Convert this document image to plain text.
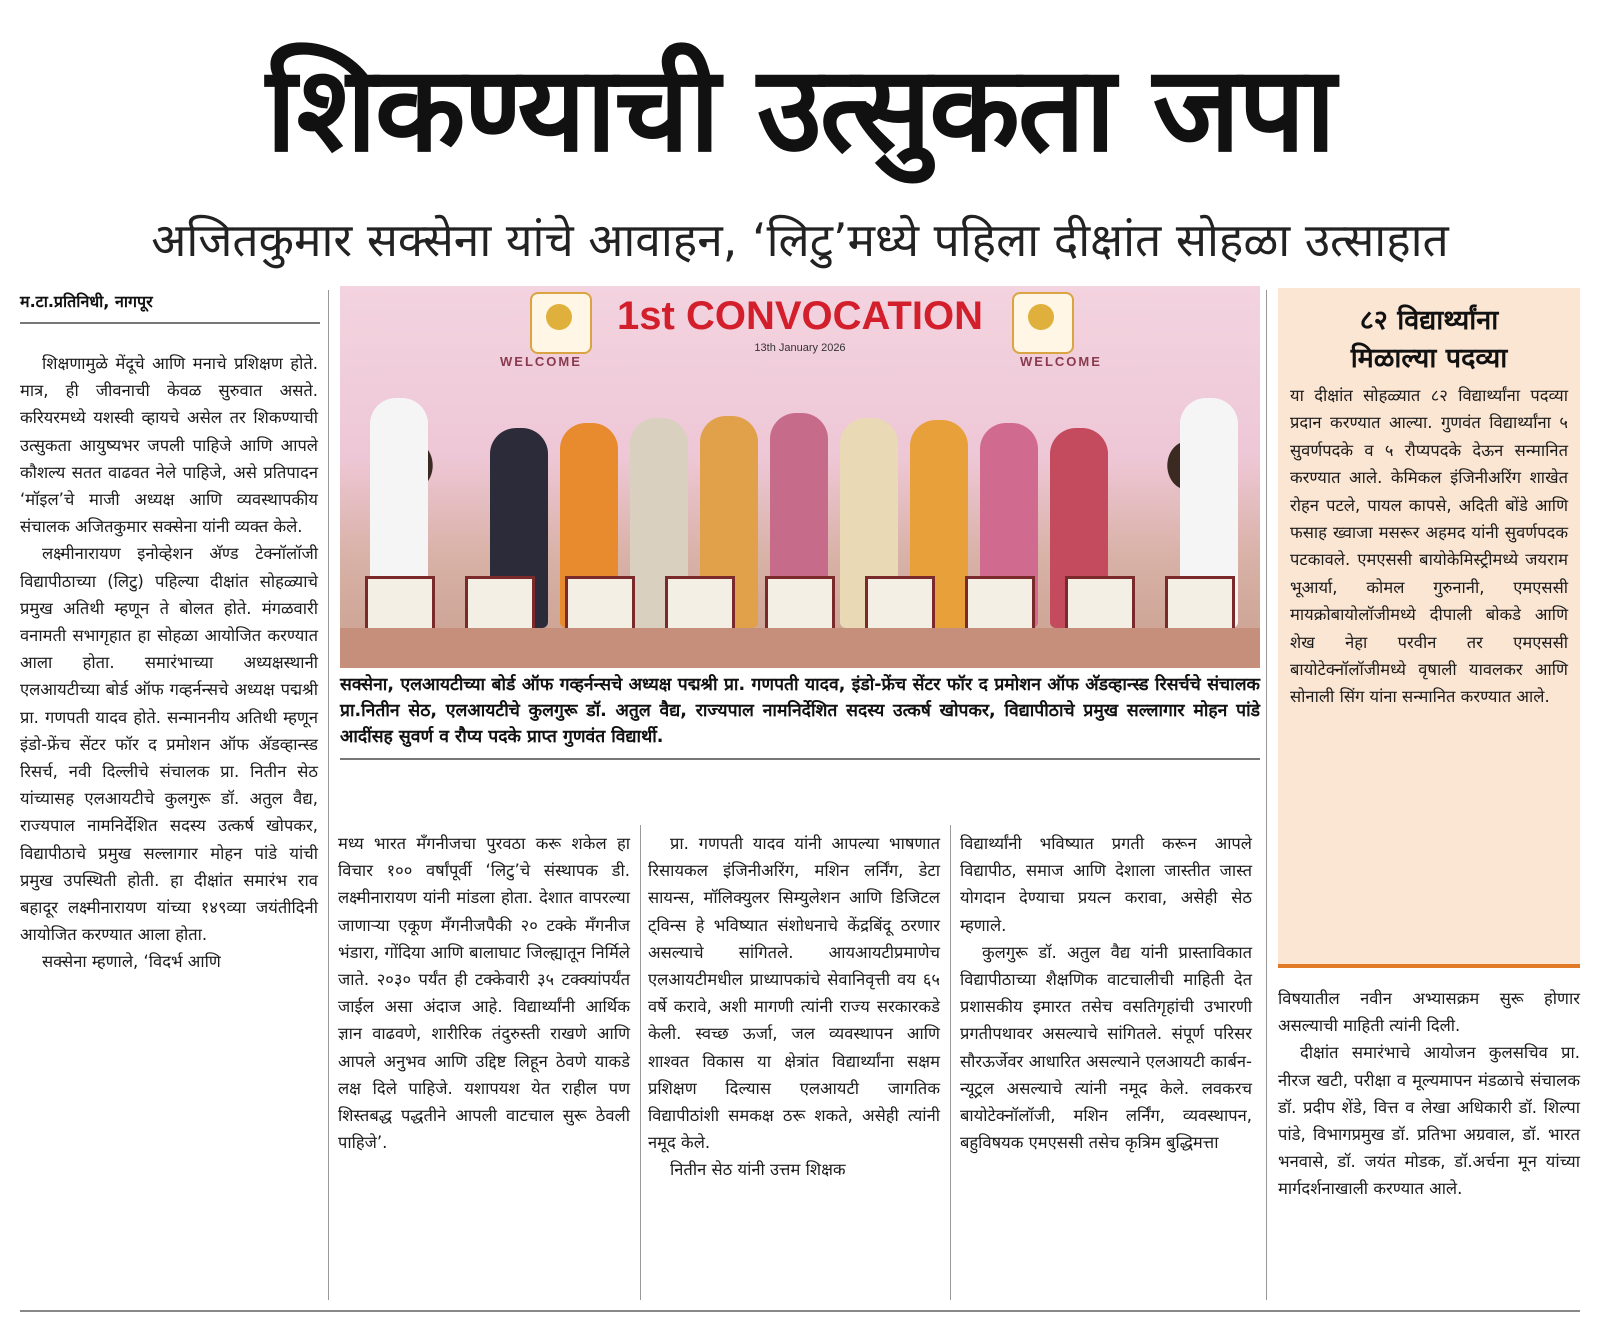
शिकण्याची उत्सुकता जपा
अजितकुमार सक्सेना यांचे आवाहन, ‘लिटु’मध्ये पहिला दीक्षांत सोहळा उत्साहात
म.टा.प्रतिनिधी, नागपूर

शिक्षणामुळे मेंदूचे आणि मनाचे प्रशिक्षण होते. मात्र, ही जीवनाची केवळ सुरुवात असते. करियरमध्ये यशस्वी व्हायचे असेल तर शिकण्याची उत्सुकता आयुष्यभर जपली पाहिजे आणि आपले कौशल्य सतत वाढवत नेले पाहिजे, असे प्रतिपादन ‘मॉइल’चे माजी अध्यक्ष आणि व्यवस्थापकीय संचालक अजितकुमार सक्सेना यांनी व्यक्त केले.

लक्ष्मीनारायण इनोव्हेशन अ‍ॅण्ड टेक्नॉलॉजी विद्यापीठाच्या (लिटु) पहिल्या दीक्षांत सोहळ्याचे प्रमुख अतिथी म्हणून ते बोलत होते. मंगळवारी वनामती सभागृहात हा सोहळा आयोजित करण्यात आला होता. समारंभाच्या अध्यक्षस्थानी एलआयटीच्या बोर्ड ऑफ गव्हर्नन्सचे अध्यक्ष पद्मश्री प्रा. गणपती यादव होते. सन्माननीय अतिथी म्हणून इंडो-फ्रेंच सेंटर फॉर द प्रमोशन ऑफ अ‍ॅडव्हान्स्ड रिसर्च, नवी दिल्लीचे संचालक प्रा. नितीन सेठ यांच्यासह एलआयटीचे कुलगुरू डॉ. अतुल वैद्य, राज्यपाल नामनिर्देशित सदस्य उत्कर्ष खोपकर, विद्यापीठाचे प्रमुख सल्लागार मोहन पांडे यांची प्रमुख उपस्थिती होती. हा दीक्षांत समारंभ राव बहादूर लक्ष्मीनारायण यांच्या १४९व्या जयंतीदिनी आयोजित करण्यात आला होता.

सक्सेना म्हणाले, ‘विदर्भ आणि

1st CONVOCATION
13th January 2026
WELCOME	WELCOME
सक्सेना, एलआयटीच्या बोर्ड ऑफ गव्हर्नन्सचे अध्यक्ष पद्मश्री प्रा. गणपती यादव, इंडो-फ्रेंच सेंटर फॉर द प्रमोशन ऑफ अ‍ॅडव्हान्स्ड रिसर्चचे संचालक प्रा.नितीन सेठ, एलआयटीचे कुलगुरू डॉ. अतुल वैद्य, राज्यपाल नामनिर्देशित सदस्य उत्कर्ष खोपकर, विद्यापीठाचे प्रमुख सल्लागार मोहन पांडे आदींसह सुवर्ण व रौप्य पदके प्राप्त गुणवंत विद्यार्थी.

मध्य भारत मँगनीजचा पुरवठा करू शकेल हा विचार १०० वर्षांपूर्वी ‘लिटु’चे संस्थापक डी. लक्ष्मीनारायण यांनी मांडला होता. देशात वापरल्या जाणाऱ्या एकूण मँगनीजपैकी २० टक्के मँगनीज भंडारा, गोंदिया आणि बालाघाट जिल्ह्यातून निर्मिले जाते. २०३० पर्यंत ही टक्केवारी ३५ टक्क्यांपर्यंत जाईल असा अंदाज आहे. विद्यार्थ्यांनी आर्थिक ज्ञान वाढवणे, शारीरिक तंदुरुस्ती राखणे आणि आपले अनुभव आणि उद्दिष्ट लिहून ठेवणे याकडे लक्ष दिले पाहिजे. यशापयश येत राहील पण शिस्तबद्ध पद्धतीने आपली वाटचाल सुरू ठेवली पाहिजे’.

प्रा. गणपती यादव यांनी आपल्या भाषणात रिसायकल इंजिनीअरिंग, मशिन लर्निंग, डेटा सायन्स, मॉलिक्युलर सिम्युलेशन आणि डिजिटल ट्विन्स हे भविष्यात संशोधनाचे केंद्रबिंदू ठरणार असल्याचे सांगितले. आयआयटीप्रमाणेच एलआयटीमधील प्राध्यापकांचे सेवानिवृत्ती वय ६५ वर्षे करावे, अशी मागणी त्यांनी राज्य सरकारकडे केली. स्वच्छ ऊर्जा, जल व्यवस्थापन आणि शाश्वत विकास या क्षेत्रांत विद्यार्थ्यांना सक्षम प्रशिक्षण दिल्यास एलआयटी जागतिक विद्यापीठांशी समकक्ष ठरू शकते, असेही त्यांनी नमूद केले.

नितीन सेठ यांनी उत्तम शिक्षक

विद्यार्थ्यांनी भविष्यात प्रगती करून आपले विद्यापीठ, समाज आणि देशाला जास्तीत जास्त योगदान देण्याचा प्रयत्न करावा, असेही सेठ म्हणाले.

कुलगुरू डॉ. अतुल वैद्य यांनी प्रास्ताविकात विद्यापीठाच्या शैक्षणिक वाटचालीची माहिती देत प्रशासकीय इमारत तसेच वसतिगृहांची उभारणी प्रगतीपथावर असल्याचे सांगितले. संपूर्ण परिसर सौरऊर्जेवर आधारित असल्याने एलआयटी कार्बन-न्यूट्रल असल्याचे त्यांनी नमूद केले. लवकरच बायोटेक्नॉलॉजी, मशिन लर्निंग, व्यवस्थापन, बहुविषयक एमएससी तसेच कृत्रिम बुद्धिमत्ता

८२ विद्यार्थ्यांना
मिळाल्या पदव्या
या दीक्षांत सोहळ्यात ८२ विद्यार्थ्यांना पदव्या प्रदान करण्यात आल्या. गुणवंत विद्यार्थ्यांना ५ सुवर्णपदके व ५ रौप्यपदके देऊन सन्मानित करण्यात आले. केमिकल इंजिनीअरिंग शाखेत रोहन पटले, पायल कापसे, अदिती बोंडे आणि फसाह ख्वाजा मसरूर अहमद यांनी सुवर्णपदक पटकावले. एमएससी बायोकेमिस्ट्रीमध्ये जयराम भूआर्या, कोमल गुरुनानी, एमएससी मायक्रोबायोलॉजीमध्ये दीपाली बोकडे आणि शेख नेहा परवीन तर एमएससी बायोटेक्नॉलॉजीमध्ये वृषाली यावलकर आणि सोनाली सिंग यांना सन्मानित करण्यात आले.

विषयातील नवीन अभ्यासक्रम सुरू होणार असल्याची माहिती त्यांनी दिली.

दीक्षांत समारंभाचे आयोजन कुलसचिव प्रा. नीरज खटी, परीक्षा व मूल्यमापन मंडळाचे संचालक डॉ. प्रदीप शेंडे, वित्त व लेखा अधिकारी डॉ. शिल्पा पांडे, विभागप्रमुख डॉ. प्रतिभा अग्रवाल, डॉ. भारत भनवासे, डॉ. जयंत मोडक, डॉ.अर्चना मून यांच्या मार्गदर्शनाखाली करण्यात आले.
